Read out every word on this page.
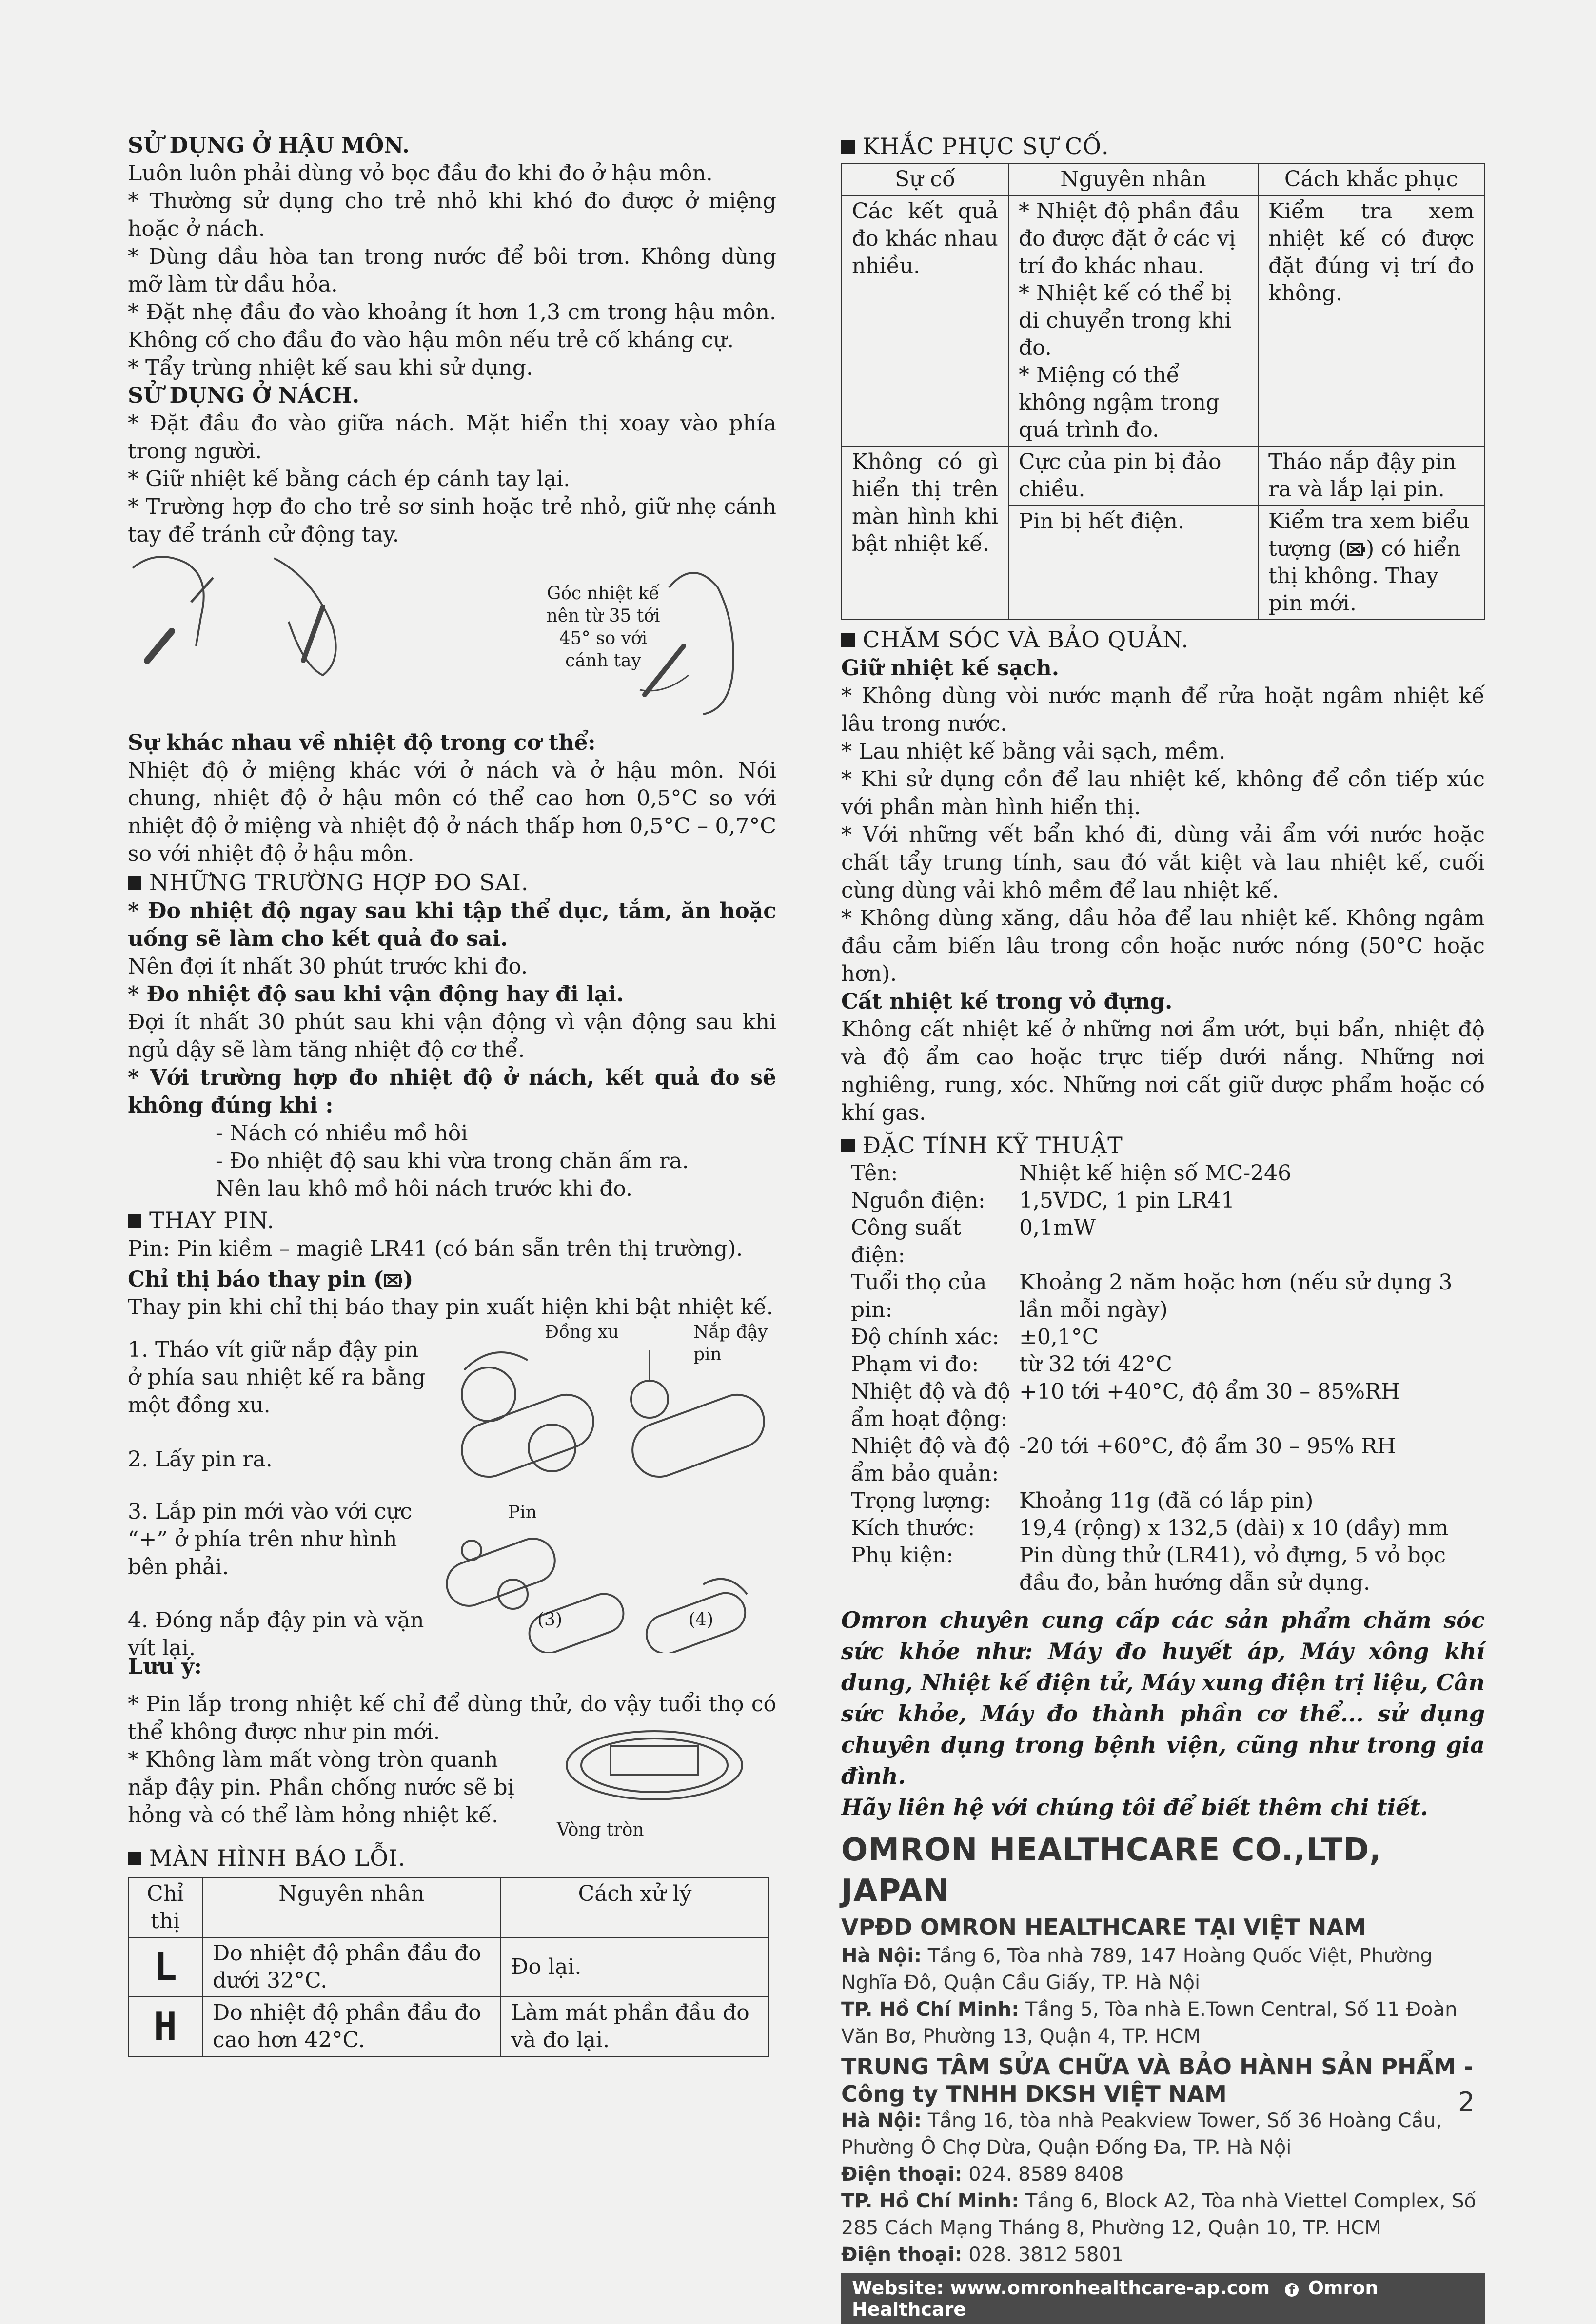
SỬ DỤNG Ở HẬU MÔN.

Luôn luôn phải dùng vỏ bọc đầu đo khi đo ở hậu môn.

* Thường sử dụng cho trẻ nhỏ khi khó đo được ở miệng hoặc ở nách.

* Dùng dầu hòa tan trong nước để bôi trơn. Không dùng mỡ làm từ dầu hỏa.

* Đặt nhẹ đầu đo vào khoảng ít hơn 1,3 cm trong hậu môn. Không cố cho đầu đo vào hậu môn nếu trẻ cố kháng cự.

* Tẩy trùng nhiệt kế sau khi sử dụng.

SỬ DỤNG Ở NÁCH.

* Đặt đầu đo vào giữa nách. Mặt hiển thị xoay vào phía trong người.

* Giữ nhiệt kế bằng cách ép cánh tay lại.

* Trường hợp đo cho trẻ sơ sinh hoặc trẻ nhỏ, giữ nhẹ cánh tay để tránh cử động tay.

Góc nhiệt kế

nên từ 35 tới

45° so với

cánh tay

Sự khác nhau về nhiệt độ trong cơ thể:

Nhiệt độ ở miệng khác với ở nách và ở hậu môn. Nói chung, nhiệt độ ở hậu môn có thể cao hơn 0,5°C so với nhiệt độ ở miệng và nhiệt độ ở nách thấp hơn 0,5°C – 0,7°C so với nhiệt độ ở hậu môn.

NHỮNG TRƯỜNG HỢP ĐO SAI.

* Đo nhiệt độ ngay sau khi tập thể dục, tắm, ăn hoặc uống sẽ làm cho kết quả đo sai.

Nên đợi ít nhất 30 phút trước khi đo.

* Đo nhiệt độ sau khi vận động hay đi lại.

Đợi ít nhất 30 phút sau khi vận động vì vận động sau khi ngủ dậy sẽ làm tăng nhiệt độ cơ thể.

* Với trường hợp đo nhiệt độ ở nách, kết quả đo sẽ không đúng khi :

- Nách có nhiều mồ hôi

- Đo nhiệt độ sau khi vừa trong chăn ấm ra.

Nên lau khô mồ hôi nách trước khi đo.

THAY PIN.

Pin: Pin kiềm – magiê LR41 (có bán sẵn trên thị trường).

Chỉ thị báo thay pin ( )

Thay pin khi chỉ thị báo thay pin xuất hiện khi bật nhiệt kế.

1. Tháo vít giữ nắp đậy pin ở phía sau nhiệt kế ra bằng một đồng xu.

2. Lấy pin ra.

3. Lắp pin mới vào với cực “+” ở phía trên như hình bên phải.

4. Đóng nắp đậy pin và vặn vít lại.

Đồng xu	Nắp đậy pin
Pin
(3)	(4)

Lưu ý:

* Pin lắp trong nhiệt kế chỉ để dùng thử, do vậy tuổi thọ có thể không được như pin mới.

* Không làm mất vòng tròn quanh nắp đậy pin. Phần chống nước sẽ bị hỏng và có thể làm hỏng nhiệt kế.

Vòng tròn

MÀN HÌNH BÁO LỖI.

Chỉ thị	Nguyên nhân	Cách xử lý
L	Do nhiệt độ phần đầu đo dưới 32°C.	Đo lại.
H	Do nhiệt độ phần đầu đo cao hơn 42°C.	Làm mát phần đầu đo và đo lại.

KHẮC PHỤC SỰ CỐ.

Sự cố	Nguyên nhân	Cách khắc phục
Các kết quả đo khác nhau nhiều.	* Nhiệt độ phần đầu đo được đặt ở các vị trí đo khác nhau.
* Nhiệt kế có thể bị di chuyển trong khi đo.
* Miệng có thể không ngậm trong quá trình đo.	Kiểm tra xem nhiệt kế có được đặt đúng vị trí đo không.
Không có gì hiển thị trên màn hình khi bật nhiệt kế.	Cực của pin bị đảo chiều.	Tháo nắp đậy pin ra và lắp lại pin.
	Pin bị hết điện.	Kiểm tra xem biểu tượng ( ) có hiển thị không. Thay pin mới.

CHĂM SÓC VÀ BẢO QUẢN.

Giữ nhiệt kế sạch.

* Không dùng vòi nước mạnh để rửa hoặt ngâm nhiệt kế lâu trong nước.

* Lau nhiệt kế bằng vải sạch, mềm.

* Khi sử dụng cồn để lau nhiệt kế, không để cồn tiếp xúc với phần màn hình hiển thị.

* Với những vết bẩn khó đi, dùng vải ẩm với nước hoặc chất tẩy trung tính, sau đó vắt kiệt và lau nhiệt kế, cuối cùng dùng vải khô mềm để lau nhiệt kế.

* Không dùng xăng, dầu hỏa để lau nhiệt kế. Không ngâm đầu cảm biến lâu trong cồn hoặc nước nóng (50°C hoặc hơn).

Cất nhiệt kế trong vỏ đựng.

Không cất nhiệt kế ở những nơi ẩm ướt, bụi bẩn, nhiệt độ và độ ẩm cao hoặc trực tiếp dưới nắng. Những nơi nghiêng, rung, xóc. Những nơi cất giữ dược phẩm hoặc có khí gas.

ĐẶC TÍNH KỸ THUẬT

Tên:	Nhiệt kế hiện số MC-246
Nguồn điện:	1,5VDC, 1 pin LR41
Công suất điện:	0,1mW
Tuổi thọ của pin:	Khoảng 2 năm hoặc hơn (nếu sử dụng 3 lần mỗi ngày)
Độ chính xác:	±0,1°C
Phạm vi đo:	từ 32 tới 42°C
Nhiệt độ và độ ẩm hoạt động:	+10 tới +40°C, độ ẩm 30 – 85%RH
Nhiệt độ và độ ẩm bảo quản:	-20 tới +60°C, độ ẩm 30 – 95% RH
Trọng lượng:	Khoảng 11g (đã có lắp pin)
Kích thước:	19,4 (rộng) x 132,5 (dài) x 10 (dầy) mm
Phụ kiện:	Pin dùng thử (LR41), vỏ đựng, 5 vỏ bọc đầu đo, bản hướng dẫn sử dụng.

Omron chuyên cung cấp các sản phẩm chăm sóc sức khỏe như: Máy đo huyết áp, Máy xông khí dung, Nhiệt kế điện tử, Máy xung điện trị liệu, Cân sức khỏe, Máy đo thành phần cơ thể... sử dụng chuyên dụng trong bệnh viện, cũng như trong gia đình.

Hãy liên hệ với chúng tôi để biết thêm chi tiết.

OMRON HEALTHCARE CO.,LTD, JAPAN
VPĐD OMRON HEALTHCARE TẠI VIỆT NAM

Hà Nội: Tầng 6, Tòa nhà 789, 147 Hoàng Quốc Việt, Phường Nghĩa Đô, Quận Cầu Giấy, TP. Hà Nội

TP. Hồ Chí Minh: Tầng 5, Tòa nhà E.Town Central, Số 11 Đoàn Văn Bơ, Phường 13, Quận 4, TP. HCM

TRUNG TÂM SỬA CHỮA VÀ BẢO HÀNH SẢN PHẨM - Công ty TNHH DKSH VIỆT NAM

Hà Nội: Tầng 16, tòa nhà Peakview Tower, Số 36 Hoàng Cầu, Phường Ô Chợ Dừa, Quận Đống Đa, TP. Hà Nội

Điện thoại: 024. 8589 8408

TP. Hồ Chí Minh: Tầng 6, Block A2, Tòa nhà Viettel Complex, Số 285 Cách Mạng Tháng 8, Phường 12, Quận 10, TP. HCM

Điện thoại: 028. 3812 5801

Website: www.omronhealthcare-ap.com f Omron Healthcare
2
